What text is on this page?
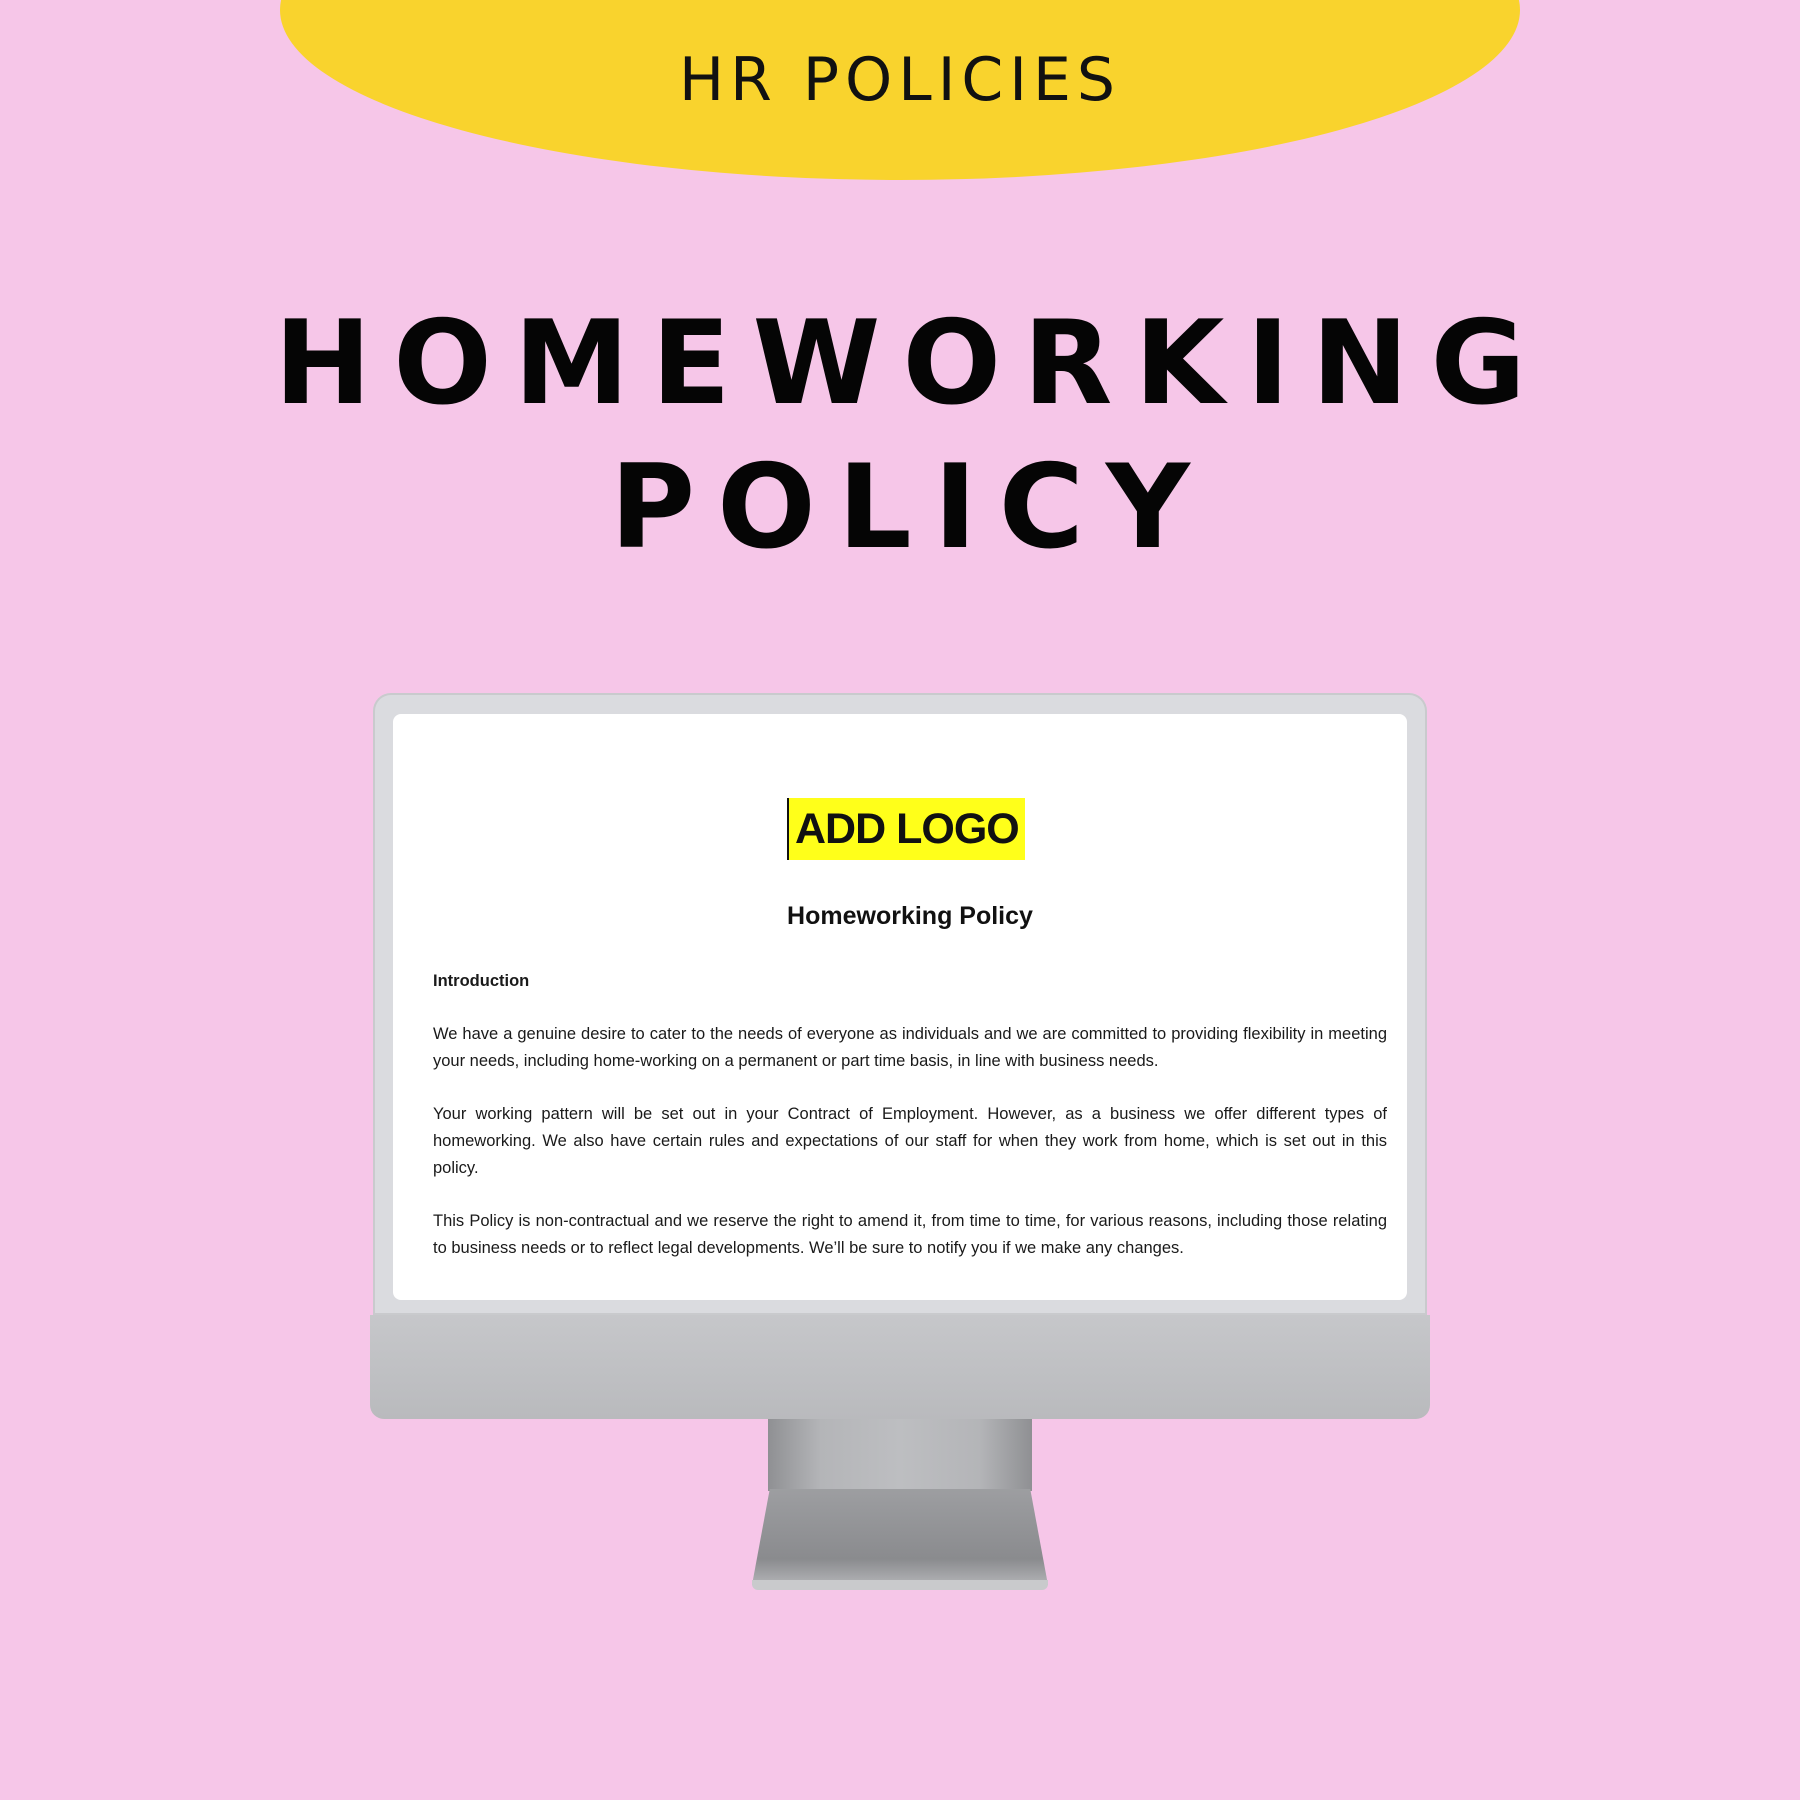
HR POLICIES
HOMEWORKING
POLICY
ADD LOGO
Homeworking Policy
Introduction
We have a genuine desire to cater to the needs of everyone as individuals and we are committed to providing flexibility in meeting your needs, including home-working on a permanent or part time basis, in line with business needs.
Your working pattern will be set out in your Contract of Employment. However, as a business we offer different types of homeworking. We also have certain rules and expectations of our staff for when they work from home, which is set out in this policy.
This Policy is non-contractual and we reserve the right to amend it, from time to time, for various reasons, including those relating to business needs or to reflect legal developments. We’ll be sure to notify you if we make any changes.
